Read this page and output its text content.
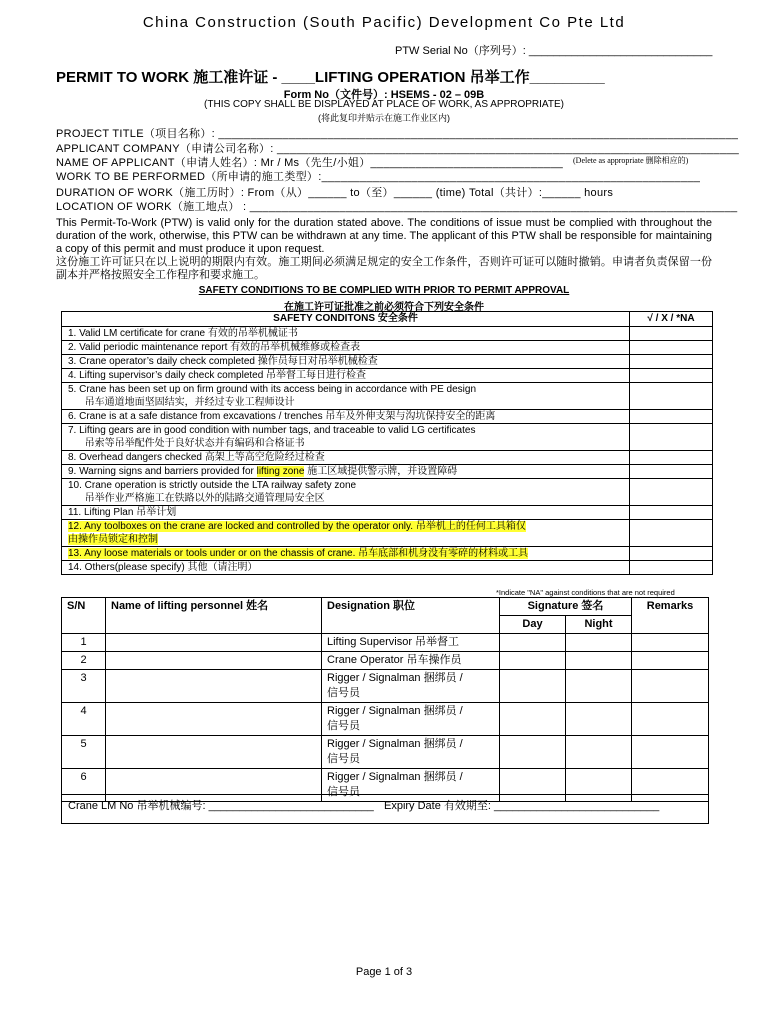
China Construction (South Pacific) Development Co Pte Ltd
PTW Serial No（序列号）: ______________________________
PERMIT TO WORK 施工准许证 - ____LIFTING OPERATION 吊举工作_________
Form No（文件号）: HSEMS - 02 – 09B
(THIS COPY SHALL BE DISPLAYED AT PLACE OF WORK, AS APPROPRIATE)
(将此复印并贴示在施工作业区内)
PROJECT TITLE（项目名称）: _________________________________________________________________________________
APPLICANT COMPANY（申请公司名称）: ________________________________________________________________________
NAME OF APPLICANT（申请人姓名）: Mr / Ms（先生/小姐）______________________________ (Delete as appropriate 删除相应的)
WORK TO BE PERFORMED（所申请的施工类型）:___________________________________________________________
DURATION OF WORK（施工历时）: From（从）______ to（至）______ (time) Total（共计）:______ hours
LOCATION OF WORK（施工地点） : ____________________________________________________________________________
This Permit-To-Work (PTW) is valid only for the duration stated above. The conditions of issue must be complied with throughout the duration of the work, otherwise, this PTW can be withdrawn at any time. The applicant of this PTW shall be responsible for maintaining a copy of this permit and must produce it upon request.
这份施工许可证只在以上说明的期限内有效。施工期间必须满足规定的安全工作条件，否则许可证可以随时撤销。申请者负责保留一份副本并严格按照安全工作程序和要求施工。
SAFETY CONDITIONS TO BE COMPLIED WITH PRIOR TO PERMIT APPROVAL
在施工许可证批准之前必须符合下列安全条件
SAFETY CONDITONS 安全条件	√ / X / *NA

1. Valid LM certificate for crane 有效的吊举机械证书	

2. Valid periodic maintenance report 有效的吊举机械维修或检查表	

3. Crane operator’s daily check completed 操作员每日对吊举机械检查	

4. Lifting supervisor’s daily check completed 吊举督工每日进行检查	

5. Crane has been set up on firm ground with its access being in accordance with PE design
吊车通道地面坚固结实，并经过专业工程师设计	

6. Crane is at a safe distance from excavations / trenches 吊车及外伸支架与沟坑保持安全的距离	

7. Lifting gears are in good condition with number tags, and traceable to valid LG certificates
吊索等吊举配件处于良好状态并有编码和合格证书	

8. Overhead dangers checked 高架上等高空危险经过检查	

9. Warning signs and barriers provided for lifting zone 施工区域提供警示牌，并设置障碍	

10. Crane operation is strictly outside the LTA railway safety zone
吊举作业严格施工在铁路以外的陆路交通管理局安全区	

11. Lifting Plan 吊举计划	

12. Any toolboxes on the crane are locked and controlled by the operator only. 吊举机上的任何工具箱仅
由操作员锁定和控制	

13. Any loose materials or tools under or on the chassis of crane. 吊车底部和机身没有零碎的材料或工具	

14. Others(please specify) 其他（请注明）	

*Indicate "NA" against conditions that are not required
S/N	Name of lifting personnel 姓名	Designation 职位	Signature 签名		Remarks
			Day	Night	
1		Lifting Supervisor 吊举督工			

2		Crane Operator 吊车操作员			

3		Rigger / Signalman 捆绑员 /
信号员			

4		Rigger / Signalman 捆绑员 /
信号员			

5		Rigger / Signalman 捆绑员 /
信号员			

6		Rigger / Signalman 捆绑员 /
信号员			

Crane LM No 吊举机械编号: ___________________________ Expiry Date 有效期至: ___________________________
Page 1 of 3
